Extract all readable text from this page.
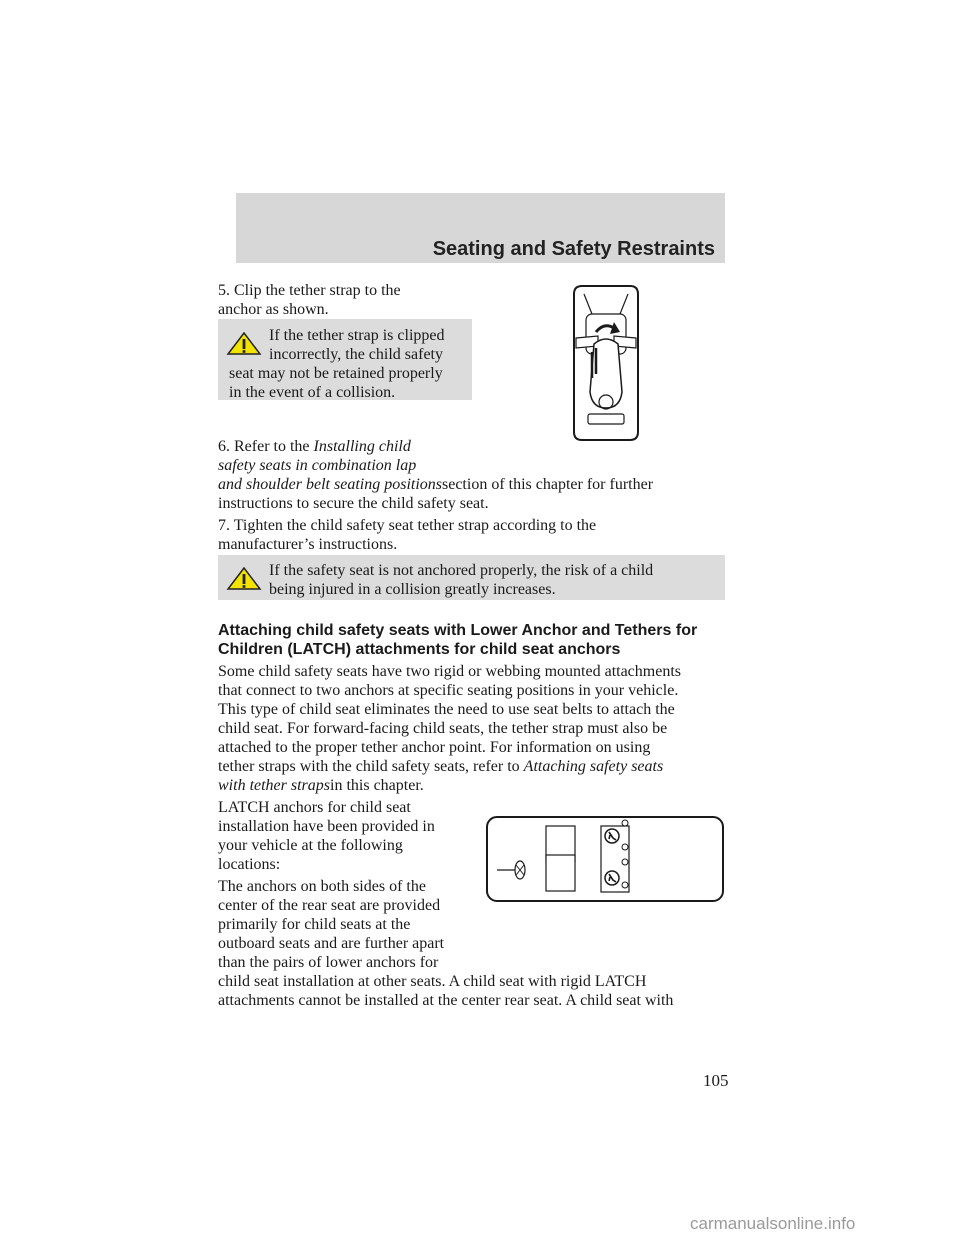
Seating and Safety Restraints
5. Clip the tether strap to the
anchor as shown.
If the tether strap is clipped
incorrectly, the child safety
seat may not be retained properly
in the event of a collision.
6. Refer to the Installing child
safety seats in combination lap
and shoulder belt seating positionssection of this chapter for further
instructions to secure the child safety seat.
7. Tighten the child safety seat tether strap according to the
manufacturer’s instructions.
If the safety seat is not anchored properly, the risk of a child
being injured in a collision greatly increases.
Attaching child safety seats with Lower Anchor and Tethers for
Children (LATCH) attachments for child seat anchors
Some child safety seats have two rigid or webbing mounted attachments
that connect to two anchors at specific seating positions in your vehicle.
This type of child seat eliminates the need to use seat belts to attach the
child seat. For forward-facing child seats, the tether strap must also be
attached to the proper tether anchor point. For information on using
tether straps with the child safety seats, refer to Attaching safety seats
with tether strapsin this chapter.
LATCH anchors for child seat
installation have been provided in
your vehicle at the following
locations:
The anchors on both sides of the
center of the rear seat are provided
primarily for child seats at the
outboard seats and are further apart
than the pairs of lower anchors for
child seat installation at other seats. A child seat with rigid LATCH
attachments cannot be installed at the center rear seat. A child seat with
105
carmanualsonline.info
